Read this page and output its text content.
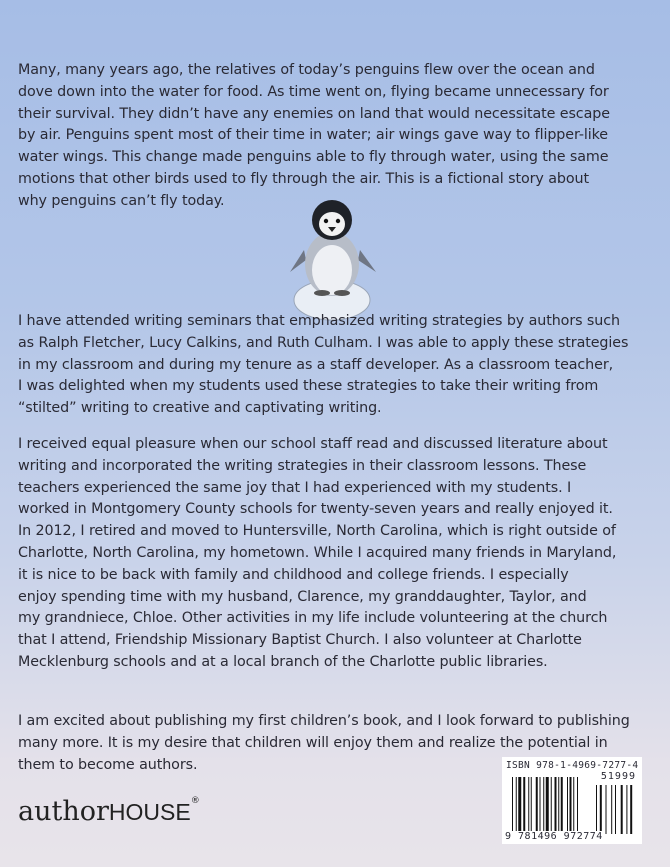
Many, many years ago, the relatives of today’s penguins flew over the ocean and
dove down into the water for food. As time went on, flying became unnecessary for
their survival. They didn’t have any enemies on land that would necessitate escape
by air. Penguins spent most of their time in water; air wings gave way to flipper-like
water wings. This change made penguins able to fly through water, using the same
motions that other birds used to fly through the air. This is a fictional story about
why penguins can’t fly today.
I have attended writing seminars that emphasized writing strategies by authors such
as Ralph Fletcher, Lucy Calkins, and Ruth Culham. I was able to apply these strategies
in my classroom and during my tenure as a staff developer. As a classroom teacher,
I was delighted when my students used these strategies to take their writing from
“stilted” writing to creative and captivating writing.
I received equal pleasure when our school staff read and discussed literature about
writing and incorporated the writing strategies in their classroom lessons. These
teachers experienced the same joy that I had experienced with my students. I
worked in Montgomery County schools for twenty-seven years and really enjoyed it.
In 2012, I retired and moved to Huntersville, North Carolina, which is right outside of
Charlotte, North Carolina, my hometown. While I acquired many friends in Maryland,
it is nice to be back with family and childhood and college friends. I especially
enjoy spending time with my husband, Clarence, my granddaughter, Taylor, and
my grandniece, Chloe. Other activities in my life include volunteering at the church
that I attend, Friendship Missionary Baptist Church. I also volunteer at Charlotte
Mecklenburg schools and at a local branch of the Charlotte public libraries.
I am excited about publishing my first children’s book, and I look forward to publishing
many more. It is my desire that children will enjoy them and realize the potential in
them to become authors.
authorHOUSE®
ISBN 978-1-4969-7277-4
51999
9 781496 972774
